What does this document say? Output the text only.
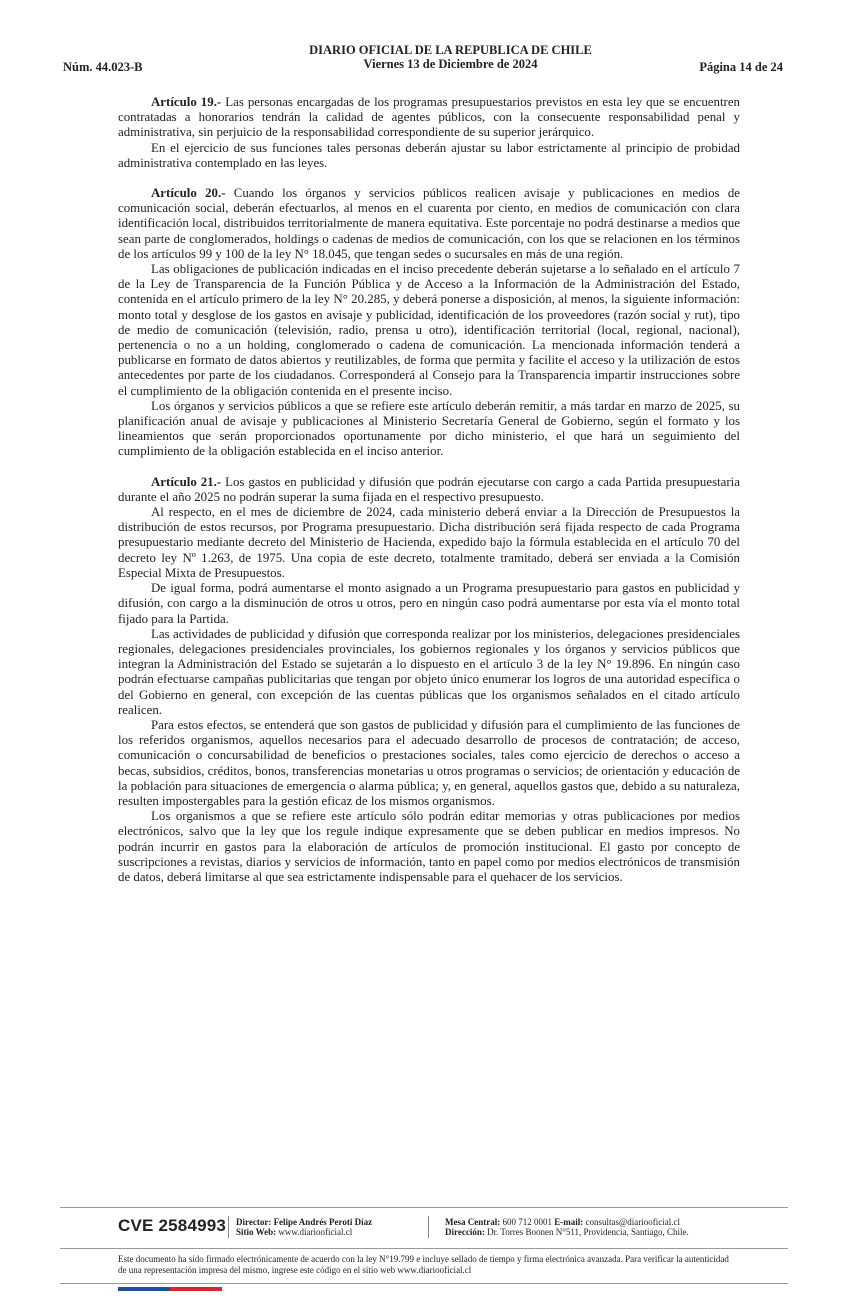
DIARIO OFICIAL DE LA REPUBLICA DE CHILE
Viernes 13 de Diciembre de 2024
Núm. 44.023-B	Página 14 de 24

Artículo 19.- Las personas encargadas de los programas presupuestarios previstos en esta ley que se encuentren contratadas a honorarios tendrán la calidad de agentes públicos, con la consecuente responsabilidad penal y administrativa, sin perjuicio de la responsabilidad correspondiente de su superior jerárquico.

En el ejercicio de sus funciones tales personas deberán ajustar su labor estrictamente al principio de probidad administrativa contemplado en las leyes.

Artículo 20.- Cuando los órganos y servicios públicos realicen avisaje y publicaciones en medios de comunicación social, deberán efectuarlos, al menos en el cuarenta por ciento, en medios de comunicación con clara identificación local, distribuidos territorialmente de manera equitativa. Este porcentaje no podrá destinarse a medios que sean parte de conglomerados, holdings o cadenas de medios de comunicación, con los que se relacionen en los términos de los artículos 99 y 100 de la ley N° 18.045, que tengan sedes o sucursales en más de una región.

Las obligaciones de publicación indicadas en el inciso precedente deberán sujetarse a lo señalado en el artículo 7 de la Ley de Transparencia de la Función Pública y de Acceso a la Información de la Administración del Estado, contenida en el artículo primero de la ley N° 20.285, y deberá ponerse a disposición, al menos, la siguiente información: monto total y desglose de los gastos en avisaje y publicidad, identificación de los proveedores (razón social y rut), tipo de medio de comunicación (televisión, radio, prensa u otro), identificación territorial (local, regional, nacional), pertenencia o no a un holding, conglomerado o cadena de comunicación. La mencionada información tenderá a publicarse en formato de datos abiertos y reutilizables, de forma que permita y facilite el acceso y la utilización de estos antecedentes por parte de los ciudadanos. Corresponderá al Consejo para la Transparencia impartir instrucciones sobre el cumplimiento de la obligación contenida en el presente inciso.

Los órganos y servicios públicos a que se refiere este artículo deberán remitir, a más tardar en marzo de 2025, su planificación anual de avisaje y publicaciones al Ministerio Secretaría General de Gobierno, según el formato y los lineamientos que serán proporcionados oportunamente por dicho ministerio, el que hará un seguimiento del cumplimiento de la obligación establecida en el inciso anterior.

Artículo 21.- Los gastos en publicidad y difusión que podrán ejecutarse con cargo a cada Partida presupuestaria durante el año 2025 no podrán superar la suma fijada en el respectivo presupuesto.

Al respecto, en el mes de diciembre de 2024, cada ministerio deberá enviar a la Dirección de Presupuestos la distribución de estos recursos, por Programa presupuestario. Dicha distribución será fijada respecto de cada Programa presupuestario mediante decreto del Ministerio de Hacienda, expedido bajo la fórmula establecida en el artículo 70 del decreto ley Nº 1.263, de 1975. Una copia de este decreto, totalmente tramitado, deberá ser enviada a la Comisión Especial Mixta de Presupuestos.

De igual forma, podrá aumentarse el monto asignado a un Programa presupuestario para gastos en publicidad y difusión, con cargo a la disminución de otros u otros, pero en ningún caso podrá aumentarse por esta vía el monto total fijado para la Partida.

Las actividades de publicidad y difusión que corresponda realizar por los ministerios, delegaciones presidenciales regionales, delegaciones presidenciales provinciales, los gobiernos regionales y los órganos y servicios públicos que integran la Administración del Estado se sujetarán a lo dispuesto en el artículo 3 de la ley N° 19.896. En ningún caso podrán efectuarse campañas publicitarias que tengan por objeto único enumerar los logros de una autoridad específica o del Gobierno en general, con excepción de las cuentas públicas que los organismos señalados en el citado artículo realicen.

Para estos efectos, se entenderá que son gastos de publicidad y difusión para el cumplimiento de las funciones de los referidos organismos, aquellos necesarios para el adecuado desarrollo de procesos de contratación; de acceso, comunicación o concursabilidad de beneficios o prestaciones sociales, tales como ejercicio de derechos o acceso a becas, subsidios, créditos, bonos, transferencias monetarias u otros programas o servicios; de orientación y educación de la población para situaciones de emergencia o alarma pública; y, en general, aquellos gastos que, debido a su naturaleza, resulten impostergables para la gestión eficaz de los mismos organismos.

Los organismos a que se refiere este artículo sólo podrán editar memorias y otras publicaciones por medios electrónicos, salvo que la ley que los regule indique expresamente que se deben publicar en medios impresos. No podrán incurrir en gastos para la elaboración de artículos de promoción institucional. El gasto por concepto de suscripciones a revistas, diarios y servicios de información, tanto en papel como por medios electrónicos de transmisión de datos, deberá limitarse al que sea estrictamente indispensable para el quehacer de los servicios.

CVE 2584993 Director: Felipe Andrés Peroti Díaz
Sitio Web: www.diariooficial.cl
Mesa Central: 600 712 0001 E-mail: consultas@diariooficial.cl
Dirección: Dr. Torres Boonen N°511, Providencia, Santiago, Chile.
Este documento ha sido firmado electrónicamente de acuerdo con la ley N°19.799 e incluye sellado de tiempo y firma electrónica avanzada. Para verificar la autenticidad de una representación impresa del mismo, ingrese este código en el sitio web www.diariooficial.cl
